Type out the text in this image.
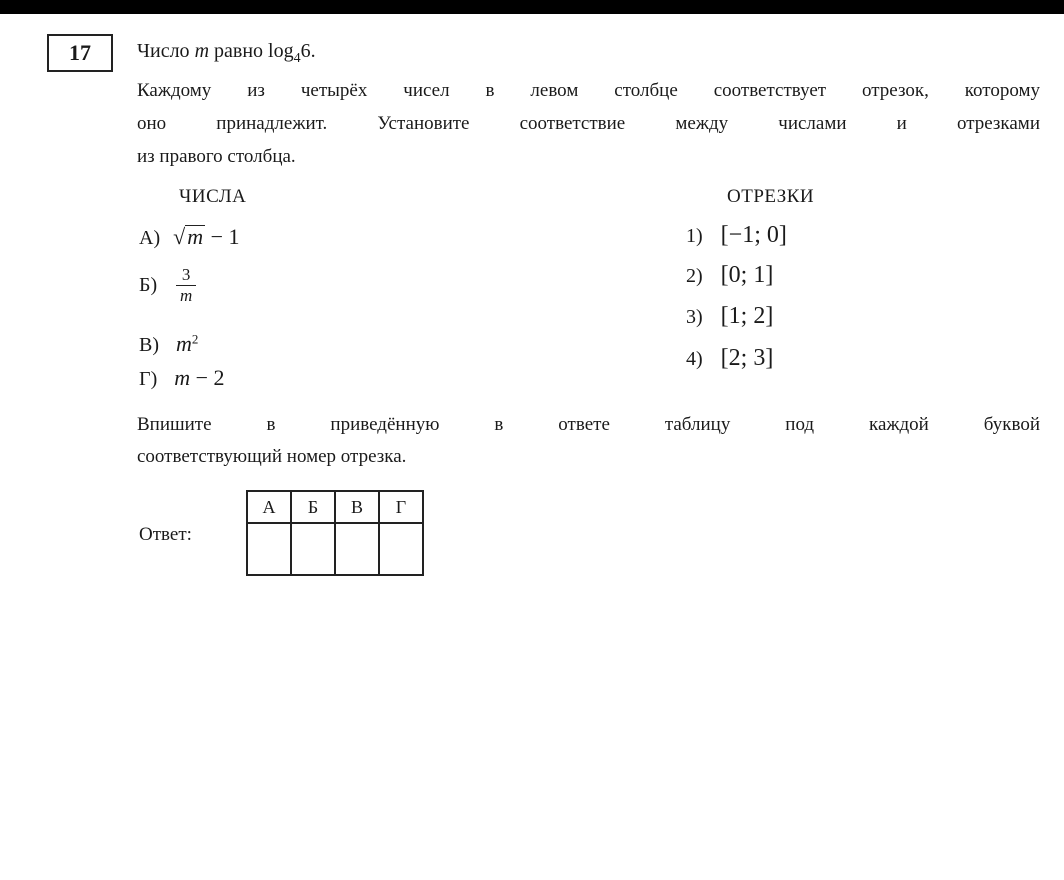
17	Число m равно $\log_46$.
Каждому из четырёх чисел в левом столбце соответствует отрезок, которому
оно принадлежит. Установите соответствие между числами и отрезками
из правого столбца.
ЧИСЛА	ОТРЕЗКИ
А) √m − 1
$Б) \frac{3}{m}$
В) $m^2$
Г) m − 2
1) [−1; 0]
2) [0; 1]
3) [1; 2]
4) [2; 3]
Впишите в приведённую в ответе таблицу под каждой буквой
соответствующий номер отрезка.
Ответ:
А	Б	В	Г
